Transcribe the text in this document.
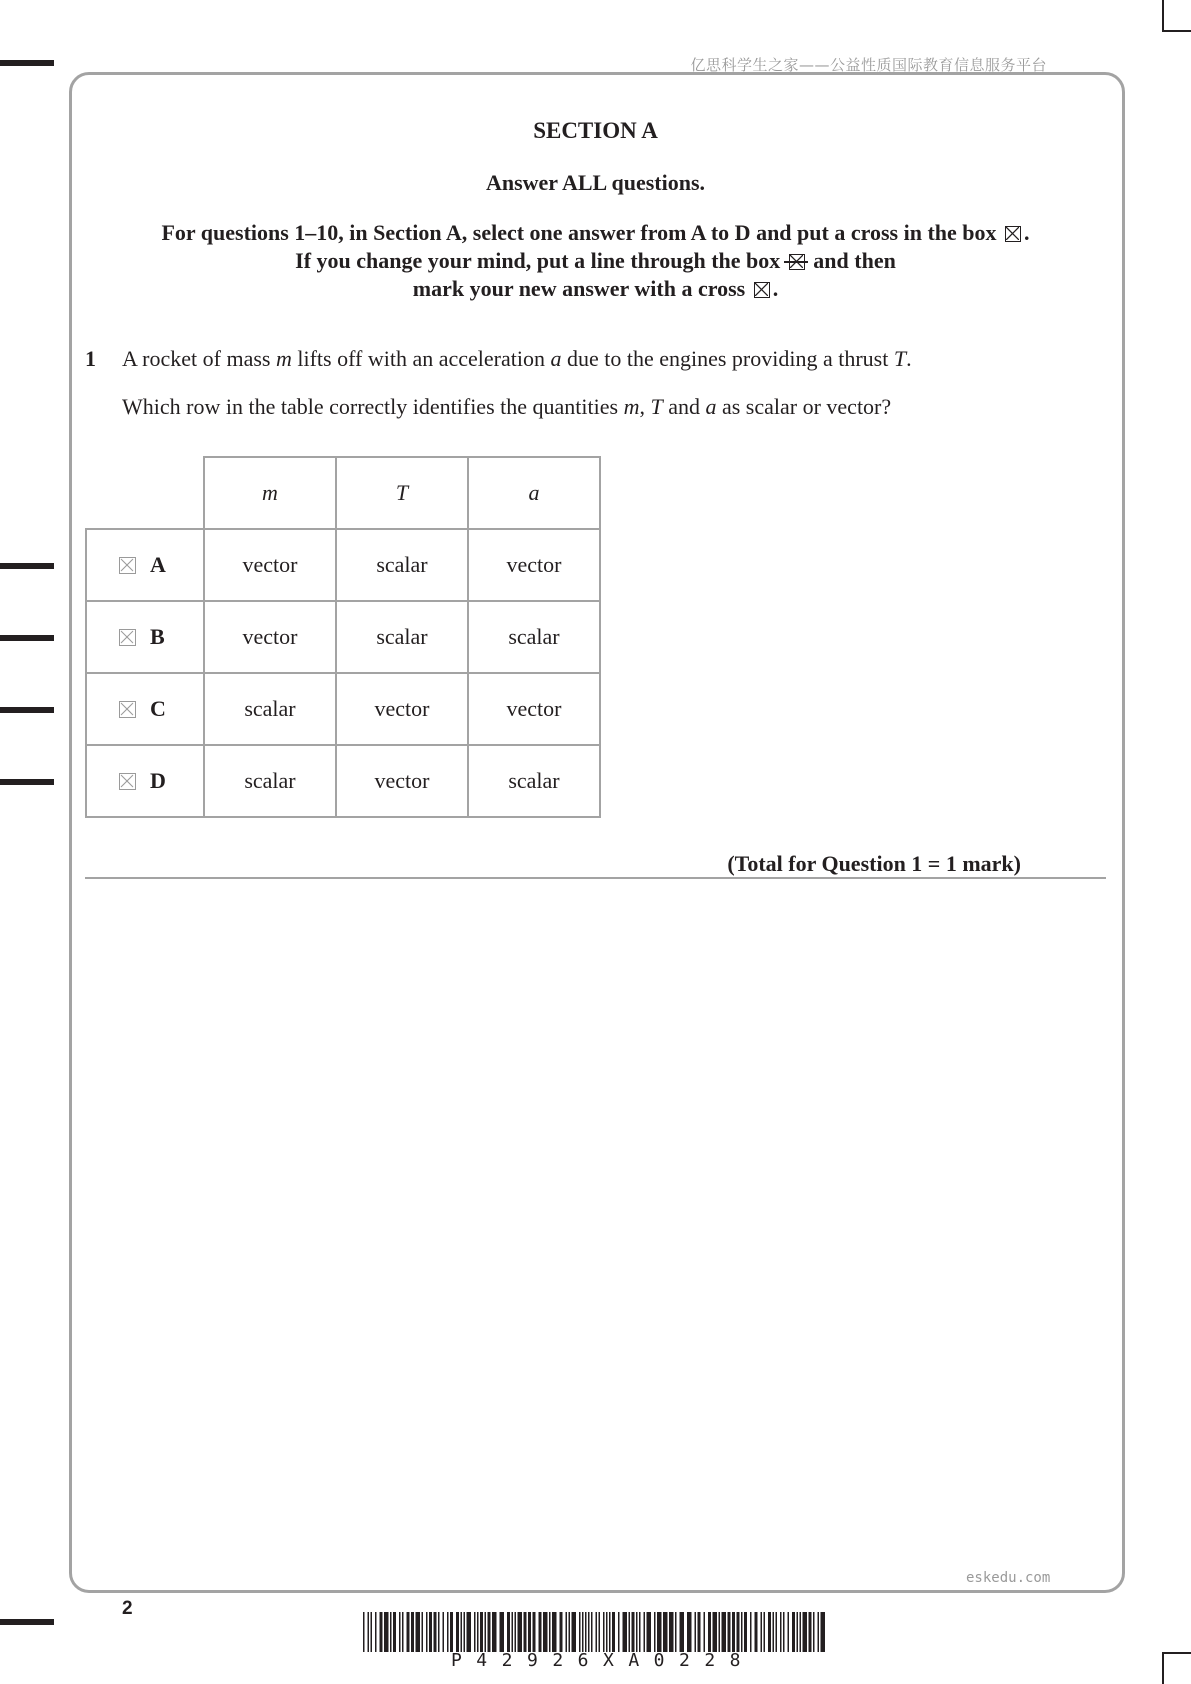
亿思科学生之家——公益性质国际教育信息服务平台
SECTION A
Answer ALL questions.
For questions 1–10, in Section A, select one answer from A to D and put a cross in the box ☒ .
If you change your mind, put a line through the box and then
mark your new answer with a cross ☒ .
1 A rocket of mass m lifts off with an acceleration a due to the engines providing a thrust T.
Which row in the table correctly identifies the quantities m, T and a as scalar or vector?
	m	T	a

A	vector	scalar	vector

B	vector	scalar	scalar

C	scalar	vector	vector

D	scalar	vector	scalar
(Total for Question 1 = 1 mark)
eskedu.com
2
P42926XA0228
